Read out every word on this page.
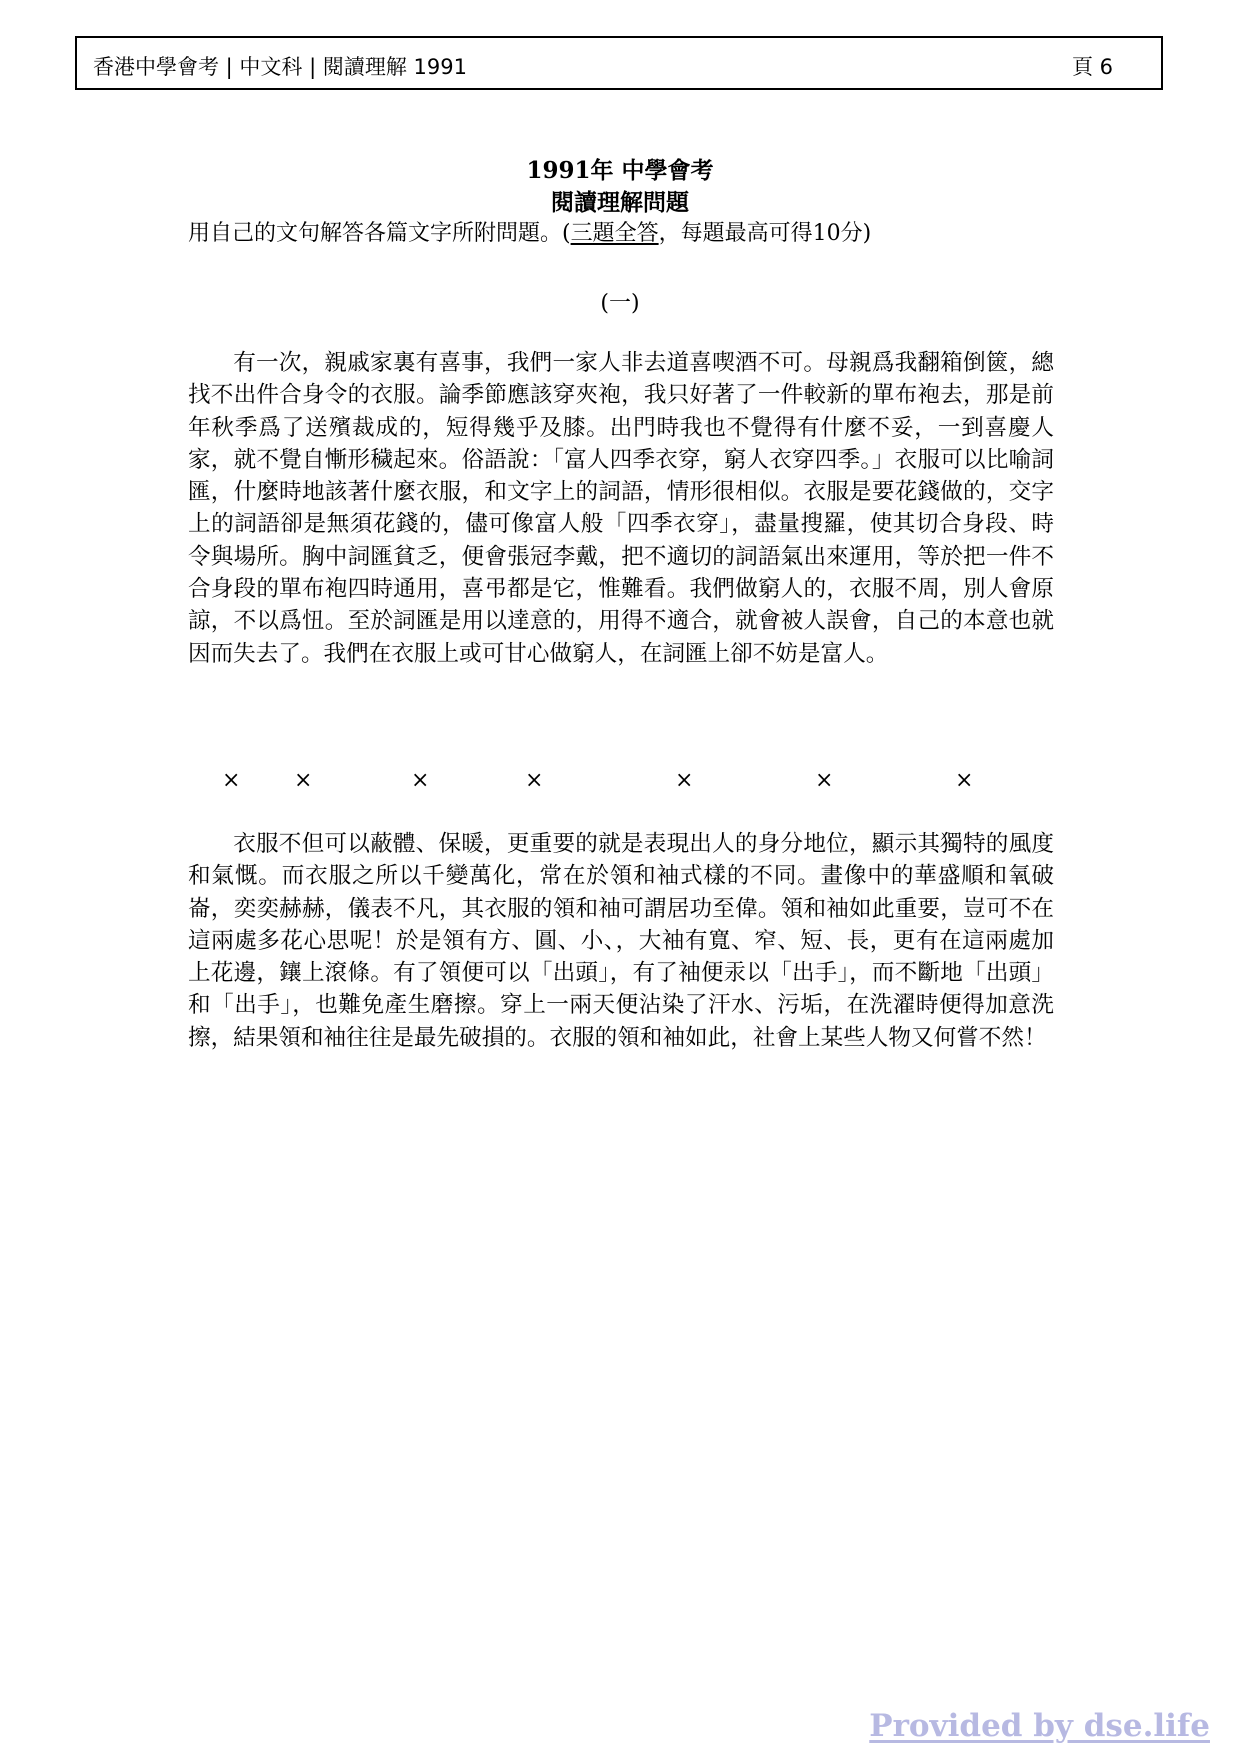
香港中學會考 | 中文科 | 閱讀理解 1991	頁 6
1991年 中學會考
閱讀理解問題
用自己的文句解答各篇文字所附問題。(三題全答，每題最高可得10分)
(一)

有一次，親戚家裏有喜事，我們一家人非去道喜喫酒不可。母親爲我翻箱倒篋，總找不出件合身令的衣服。論季節應該穿夾袍，我只好著了一件較新的單布袍去，那是前年秋季爲了送殯裁成的，短得幾乎及膝。出門時我也不覺得有什麼不妥，一到喜慶人家，就不覺自慚形穢起來。俗語說：「富人四季衣穿，窮人衣穿四季。」衣服可以比喻詞匯，什麼時地該著什麼衣服，和文字上的詞語，情形很相似。衣服是要花錢做的，交字上的詞語卻是無須花錢的，儘可像富人般「四季衣穿」，盡量搜羅，使其切合身段、時令與場所。胸中詞匯貧乏，便會張冠李戴，把不適切的詞語氣出來運用，等於把一件不合身段的單布袍四時通用，喜弔都是它，惟難看。我們做窮人的，衣服不周，別人會原諒，不以爲忸。至於詞匯是用以達意的，用得不適合，就會被人誤會，自己的本意也就因而失去了。我們在衣服上或可甘心做窮人，在詞匯上卻不妨是富人。

× ×	×	×	×	×	×

衣服不但可以蔽體、保暖，更重要的就是表現出人的身分地位，顯示其獨特的風度和氣慨。而衣服之所以千變萬化，常在於領和袖式樣的不同。畫像中的華盛順和氧破崙，奕奕赫赫，儀表不凡，其衣服的領和袖可謂居功至偉。領和袖如此重要，豈可不在這兩處多花心思呢！於是領有方、圓、小、，大袖有寬、窄、短、長，更有在這兩處加上花邊，鑲上滾條。有了領便可以「出頭」，有了袖便汞以「出手」，而不斷地「出頭」和「出手」，也難免產生磨擦。穿上一兩天便沾染了汗水、污垢，在洗濯時便得加意洗擦，結果領和袖往往是最先破損的。衣服的領和袖如此，社會上某些人物又何嘗不然！

Provided by dse.life
